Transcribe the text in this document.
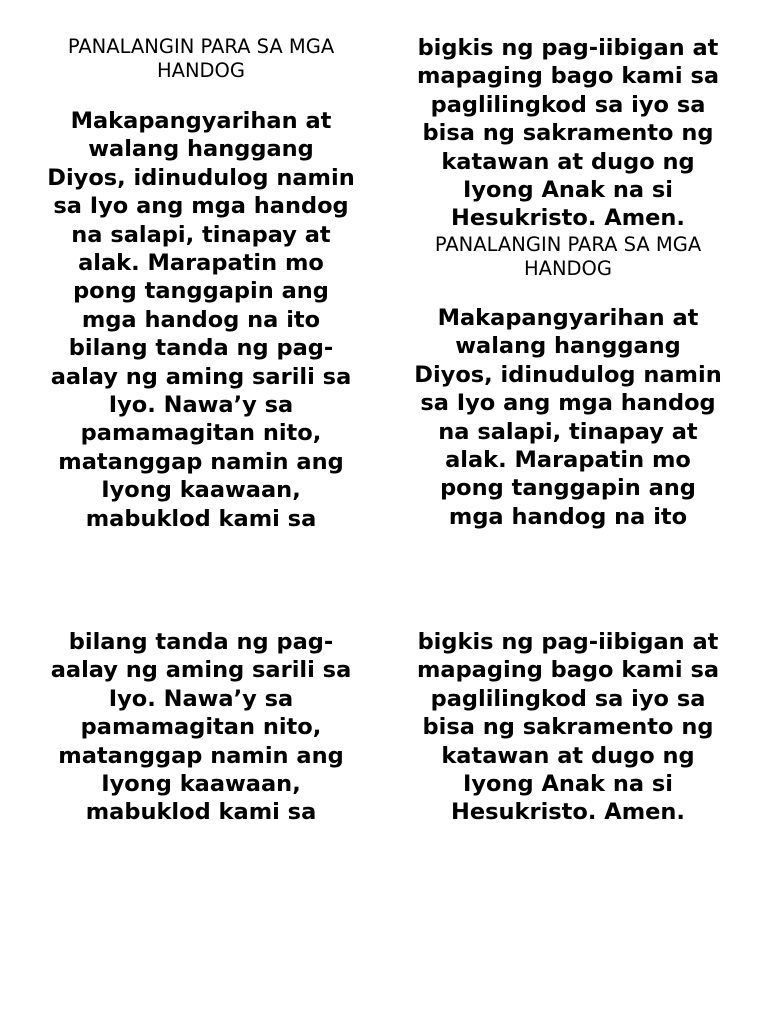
PANALANGIN PARA SA MGA
HANDOG
Makapangyarihan at
walang hanggang
Diyos, idinudulog namin
sa Iyo ang mga handog
na salapi, tinapay at
alak. Marapatin mo
pong tanggapin ang
mga handog na ito
bilang tanda ng pag-
aalay ng aming sarili sa
Iyo. Nawa’y sa
pamamagitan nito,
matanggap namin ang
Iyong kaawaan,
mabuklod kami sa
bigkis ng pag-iibigan at
mapaging bago kami sa
paglilingkod sa iyo sa
bisa ng sakramento ng
katawan at dugo ng
Iyong Anak na si
Hesukristo. Amen.
PANALANGIN PARA SA MGA
HANDOG
Makapangyarihan at
walang hanggang
Diyos, idinudulog namin
sa Iyo ang mga handog
na salapi, tinapay at
alak. Marapatin mo
pong tanggapin ang
mga handog na ito
bilang tanda ng pag-
aalay ng aming sarili sa
Iyo. Nawa’y sa
pamamagitan nito,
matanggap namin ang
Iyong kaawaan,
mabuklod kami sa
bigkis ng pag-iibigan at
mapaging bago kami sa
paglilingkod sa iyo sa
bisa ng sakramento ng
katawan at dugo ng
Iyong Anak na si
Hesukristo. Amen.
